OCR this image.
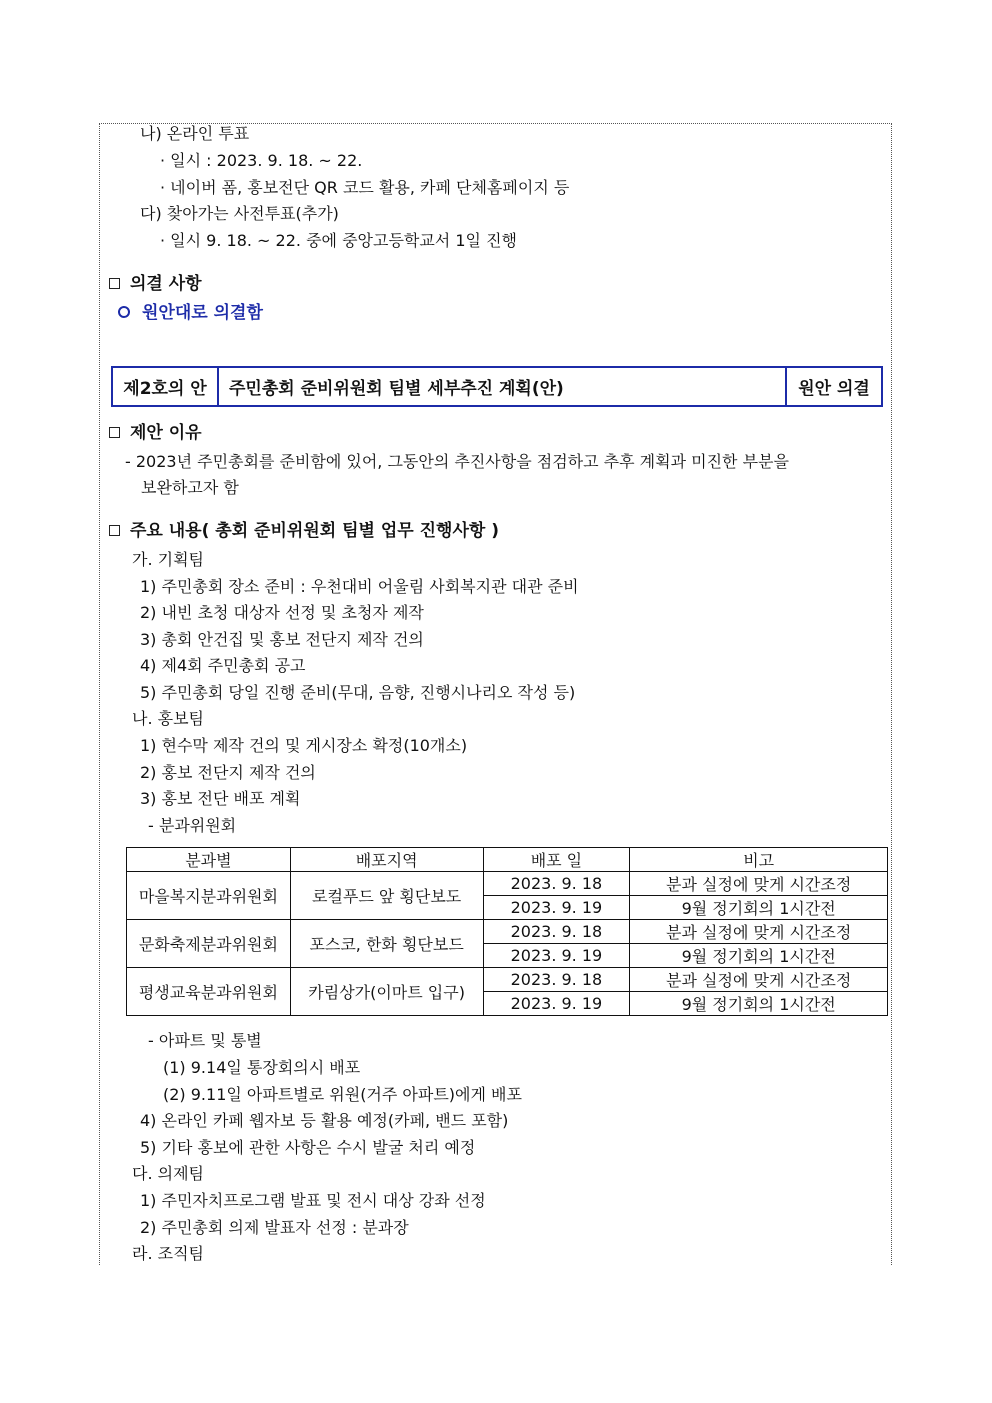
나) 온라인 투표
· 일시 : 2023. 9. 18. ~ 22.
· 네이버 폼, 홍보전단 QR 코드 활용, 카페 단체홈페이지 등
다) 찾아가는 사전투표(추가)
· 일시 9. 18. ~ 22. 중에 중앙고등학교서 1일 진행
의결 사항
원안대로 의결함
제2호의 안	주민총회 준비위원회 팀별 세부추진 계획(안)	원안 의결
제안 이유
- 2023년 주민총회를 준비함에 있어, 그동안의 추진사항을 점검하고 추후 계획과 미진한 부분을
보완하고자 함
주요 내용( 총회 준비위원회 팀별 업무 진행사항 )
가. 기획팀
1) 주민총회 장소 준비 : 우천대비 어울림 사회복지관 대관 준비
2) 내빈 초청 대상자 선정 및 초청자 제작
3) 총회 안건집 및 홍보 전단지 제작 건의
4) 제4회 주민총회 공고
5) 주민총회 당일 진행 준비(무대, 음향, 진행시나리오 작성 등)
나. 홍보팀
1) 현수막 제작 건의 및 게시장소 확정(10개소)
2) 홍보 전단지 제작 건의
3) 홍보 전단 배포 계획
- 분과위원회
분과별	배포지역	배포 일	비고
마을복지분과위원회	로컬푸드 앞 횡단보도	2023. 9. 18	분과 실정에 맞게 시간조정
		2023. 9. 19	9월 정기회의 1시간전
문화축제분과위원회	포스코, 한화 횡단보드	2023. 9. 18	분과 실정에 맞게 시간조정
		2023. 9. 19	9월 정기회의 1시간전
평생교육분과위원회	카림상가(이마트 입구)	2023. 9. 18	분과 실정에 맞게 시간조정
		2023. 9. 19	9월 정기회의 1시간전
- 아파트 및 통별
(1) 9.14일 통장회의시 배포
(2) 9.11일 아파트별로 위원(거주 아파트)에게 배포
4) 온라인 카페 웹자보 등 활용 예정(카페, 밴드 포함)
5) 기타 홍보에 관한 사항은 수시 발굴 처리 예정
다. 의제팀
1) 주민자치프로그램 발표 및 전시 대상 강좌 선정
2) 주민총회 의제 발표자 선정 : 분과장
라. 조직팀
